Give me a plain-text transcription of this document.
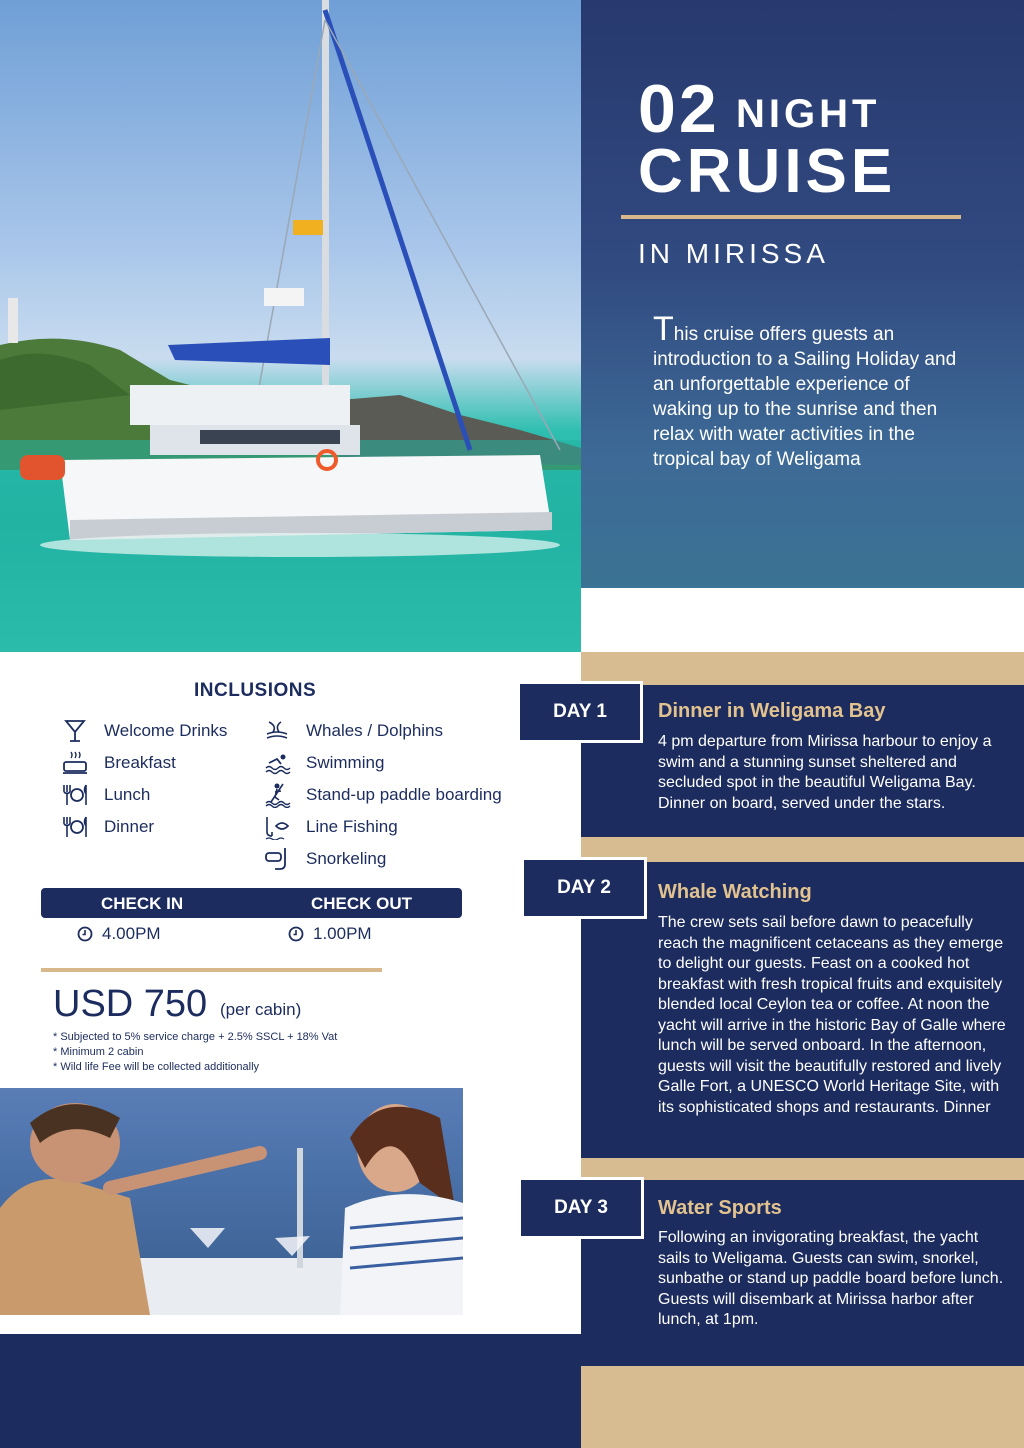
02 NIGHT
CRUISE
IN MIRISSA

This cruise offers guests an introduction to a Sailing Holiday and an unforgettable experience of waking up to the sunrise and then relax with water activities in the tropical bay of Weligama

INCLUSIONS
Welcome Drinks
Breakfast
Lunch
Dinner
Whales / Dolphins
Swimming
Stand-up paddle boarding
Line Fishing
Snorkeling
CHECK IN	CHECK OUT
4.00PM	1.00PM
USD 750 (per cabin)
* Subjected to 5% service charge + 2.5% SSCL + 18% Vat
* Minimum 2 cabin
* Wild life Fee will be collected additionally
Dinner in Weligama Bay

4 pm departure from Mirissa harbour to enjoy a swim and a stunning sunset sheltered and secluded spot in the beautiful Weligama Bay. Dinner on board, served under the stars.

DAY 1
Whale Watching

The crew sets sail before dawn to peacefully reach the magnificent cetaceans as they emerge to delight our guests. Feast on a cooked hot breakfast with fresh tropical fruits and exquisitely blended local Ceylon tea or coffee. At noon the yacht will arrive in the historic Bay of Galle where lunch will be served onboard. In the afternoon, guests will visit the beautifully restored and lively Galle Fort, a UNESCO World Heritage Site, with its sophisticated shops and restaurants. Dinner

DAY 2
Water Sports

Following an invigorating breakfast, the yacht sails to Weligama. Guests can swim, snorkel, sunbathe or stand up paddle board before lunch. Guests will disembark at Mirissa harbor after lunch, at 1pm.

DAY 3
